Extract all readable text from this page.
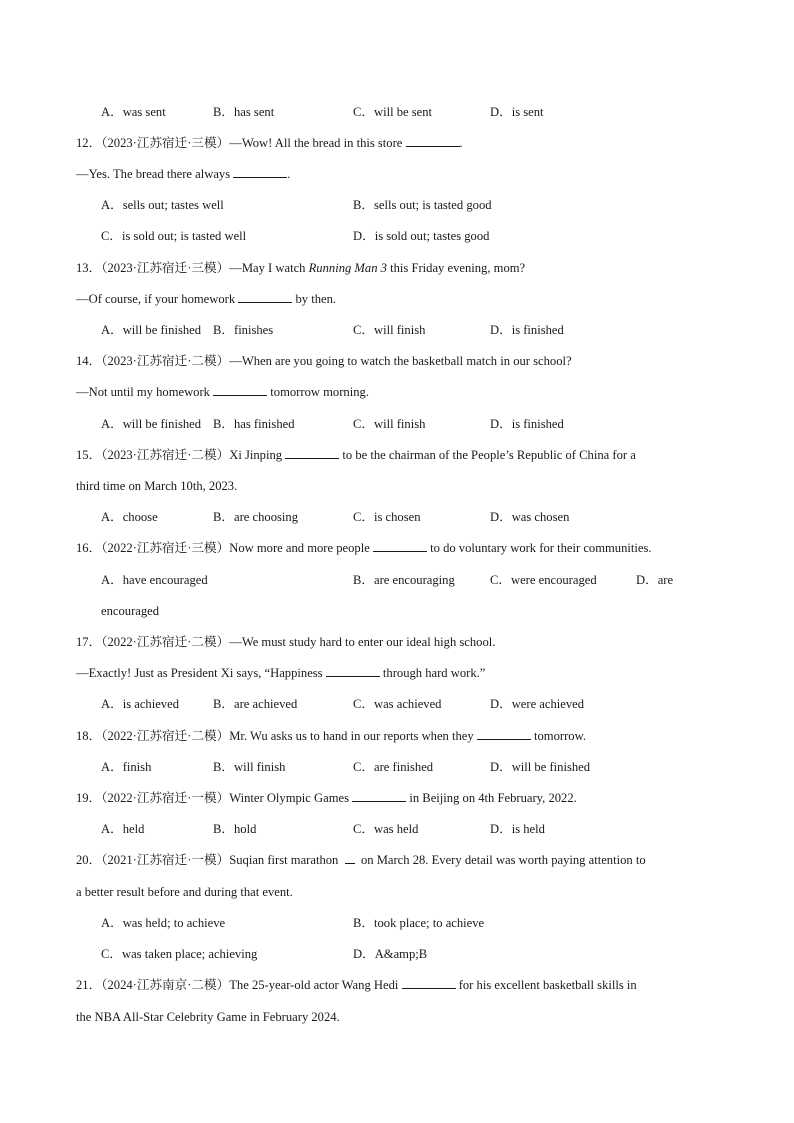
A．was sent	B．has sent	C．will be sent	D．is sent
12．（2023·江苏宿迁·三模）—Wow! All the bread in this store	.
—Yes. The bread there always	.
A．sells out; tastes well	B．sells out; is tasted good
C．is sold out; is tasted well	D．is sold out; tastes good
13．（2023·江苏宿迁·三模）—May I watch Running Man 3 this Friday evening, mom?
—Of course, if your homework	by then.
A．will be finished B．finishes	C．will finish	D．is finished
14．（2023·江苏宿迁·二模）—When are you going to watch the basketball match in our school?
—Not until my homework	tomorrow morning.
A．will be finished B．has finished	C．will finish	D．is finished
15．（2023·江苏宿迁·二模）Xi Jinping	to be the chairman of the People’s Republic of China for a
third time on March 10th, 2023.
A．choose	B．are choosing	C．is chosen	D．was chosen
16．（2022·江苏宿迁·三模）Now more and more people	to do voluntary work for their communities.
A．have encouraged	B．are encouraging	C．were encouraged	D．are
encouraged
17．（2022·江苏宿迁·二模）—We must study hard to enter our ideal high school.
—Exactly! Just as President Xi says, “Happiness	through hard work.”
A．is achieved	B．are achieved	C．was achieved	D．were achieved
18．（2022·江苏宿迁·二模）Mr. Wu asks us to hand in our reports when they	tomorrow.
A．finish	B．will finish	C．are finished	D．will be finished
19．（2022·江苏宿迁·一模）Winter Olympic Games	in Beijing on 4th February, 2022.
A．held	B．hold	C．was held	D．is held
20．（2021·江苏宿迁·一模）Suqian first marathon on March 28. Every detail was worth paying attention to
a better result before and during that event.
A．was held; to achieve	B．took place; to achieve
C．was taken place; achieving	D．A&amp;B
21．（2024·江苏南京·二模）The 25-year-old actor Wang Hedi	for his excellent basketball skills in
the NBA All-Star Celebrity Game in February 2024.
